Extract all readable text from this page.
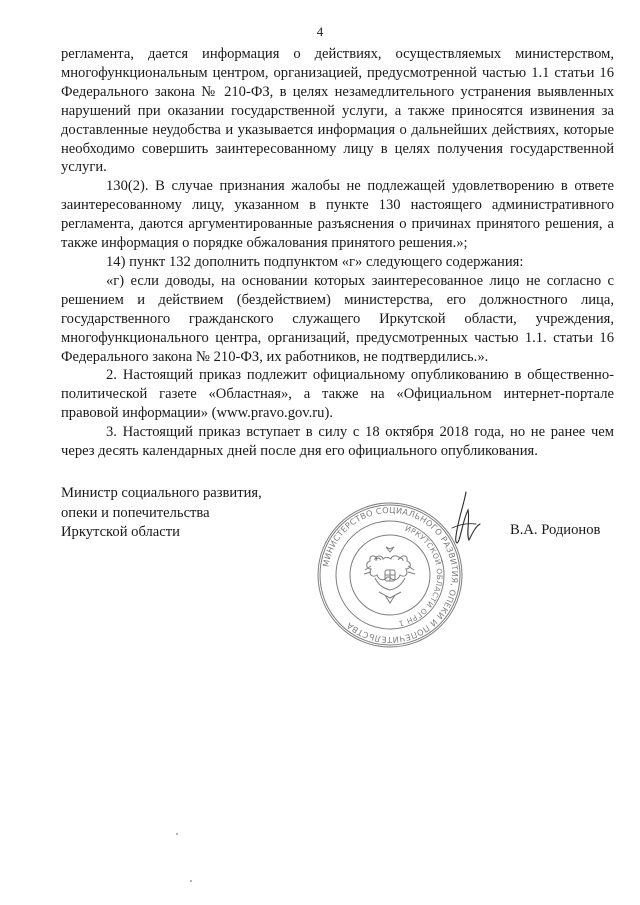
4

регламента, дается информация о действиях, осуществляемых министерством, многофункциональным центром, организацией, предусмотренной частью 1.1 статьи 16 Федерального закона № 210-ФЗ, в целях незамедлительного устранения выявленных нарушений при оказании государственной услуги, а также приносятся извинения за доставленные неудобства и указывается информация о дальнейших действиях, которые необходимо совершить заинтересованному лицу в целях получения государственной услуги.

130(2). В случае признания жалобы не подлежащей удовлетворению в ответе заинтересованному лицу, указанном в пункте 130 настоящего административного регламента, даются аргументированные разъяснения о причинах принятого решения, а также информация о порядке обжалования принятого решения.»;

14) пункт 132 дополнить подпунктом «г» следующего содержания:

«г) если доводы, на основании которых заинтересованное лицо не согласно с решением и действием (бездействием) министерства, его должностного лица, государственного гражданского служащего Иркутской области, учреждения, многофункционального центра, организаций, предусмотренных частью 1.1. статьи 16 Федерального закона № 210-ФЗ, их работников, не подтвердились.».

2. Настоящий приказ подлежит официальному опубликованию в общественно-политической газете «Областная», а также на «Официальном интернет-портале правовой информации» (www.pravo.gov.ru).

3. Настоящий приказ вступает в силу с 18 октября 2018 года, но не ранее чем через десять календарных дней после дня его официального опубликования.

Министр социального развития,
опеки и попечительства
Иркутской области
МИНИСТЕРСТВО СОЦИАЛЬНОГО РАЗВИТИЯ, ОПЕКИ И ПОПЕЧИТЕЛЬСТВА
ИРКУТСКОЙ ОБЛАСТИ ОГРН 1
В.А. Родионов
